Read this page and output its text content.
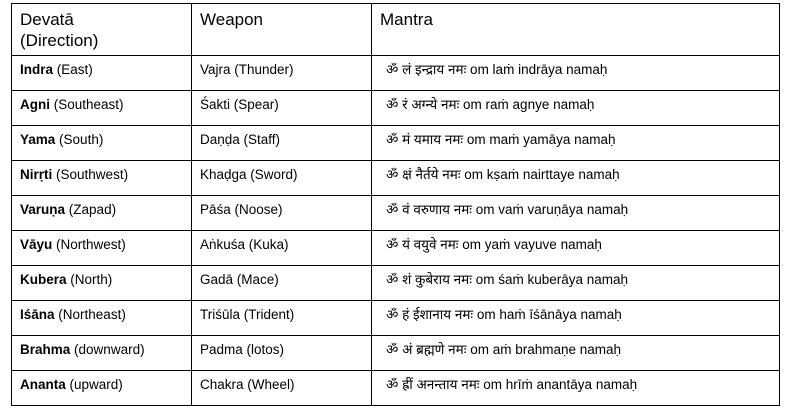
Devatā
(Direction)	Weapon	Mantra
Indra (East)	Vajra (Thunder)	ॐ लं इन्द्राय नमः om laṁ indrāya namaḥ
Agni (Southeast)	Śakti (Spear)	ॐ रं अग्न्ये नमः om raṁ agnye namaḥ
Yama (South)	Daṇḍa (Staff)	ॐ मं यमाय नमः om maṁ yamāya namaḥ
Nirṛti (Southwest)	Khaḍga (Sword)	ॐ क्षं नैर्तये नमः om kṣaṁ nairttaye namaḥ
Varuṇa (Zapad)	Pāśa (Noose)	ॐ वं वरुणाय नमः om vaṁ varuṇāya namaḥ
Vāyu (Northwest)	Aṅkuśa (Kuka)	ॐ यं वयुवे नमः om yaṁ vayuve namaḥ
Kubera (North)	Gadā (Mace)	ॐ शं कुबेराय नमः om śaṁ kuberāya namaḥ
Iśāna (Northeast)	Triśūla (Trident)	ॐ हं ईशानाय नमः om haṁ īśānāya namaḥ
Brahma (downward)	Padma (lotos)	ॐ अं ब्रह्मणे नमः om aṁ brahmaṇe namaḥ
Ananta (upward)	Chakra (Wheel)	ॐ ह्रीं अनन्ताय नमः om hrīṁ anantāya namaḥ
